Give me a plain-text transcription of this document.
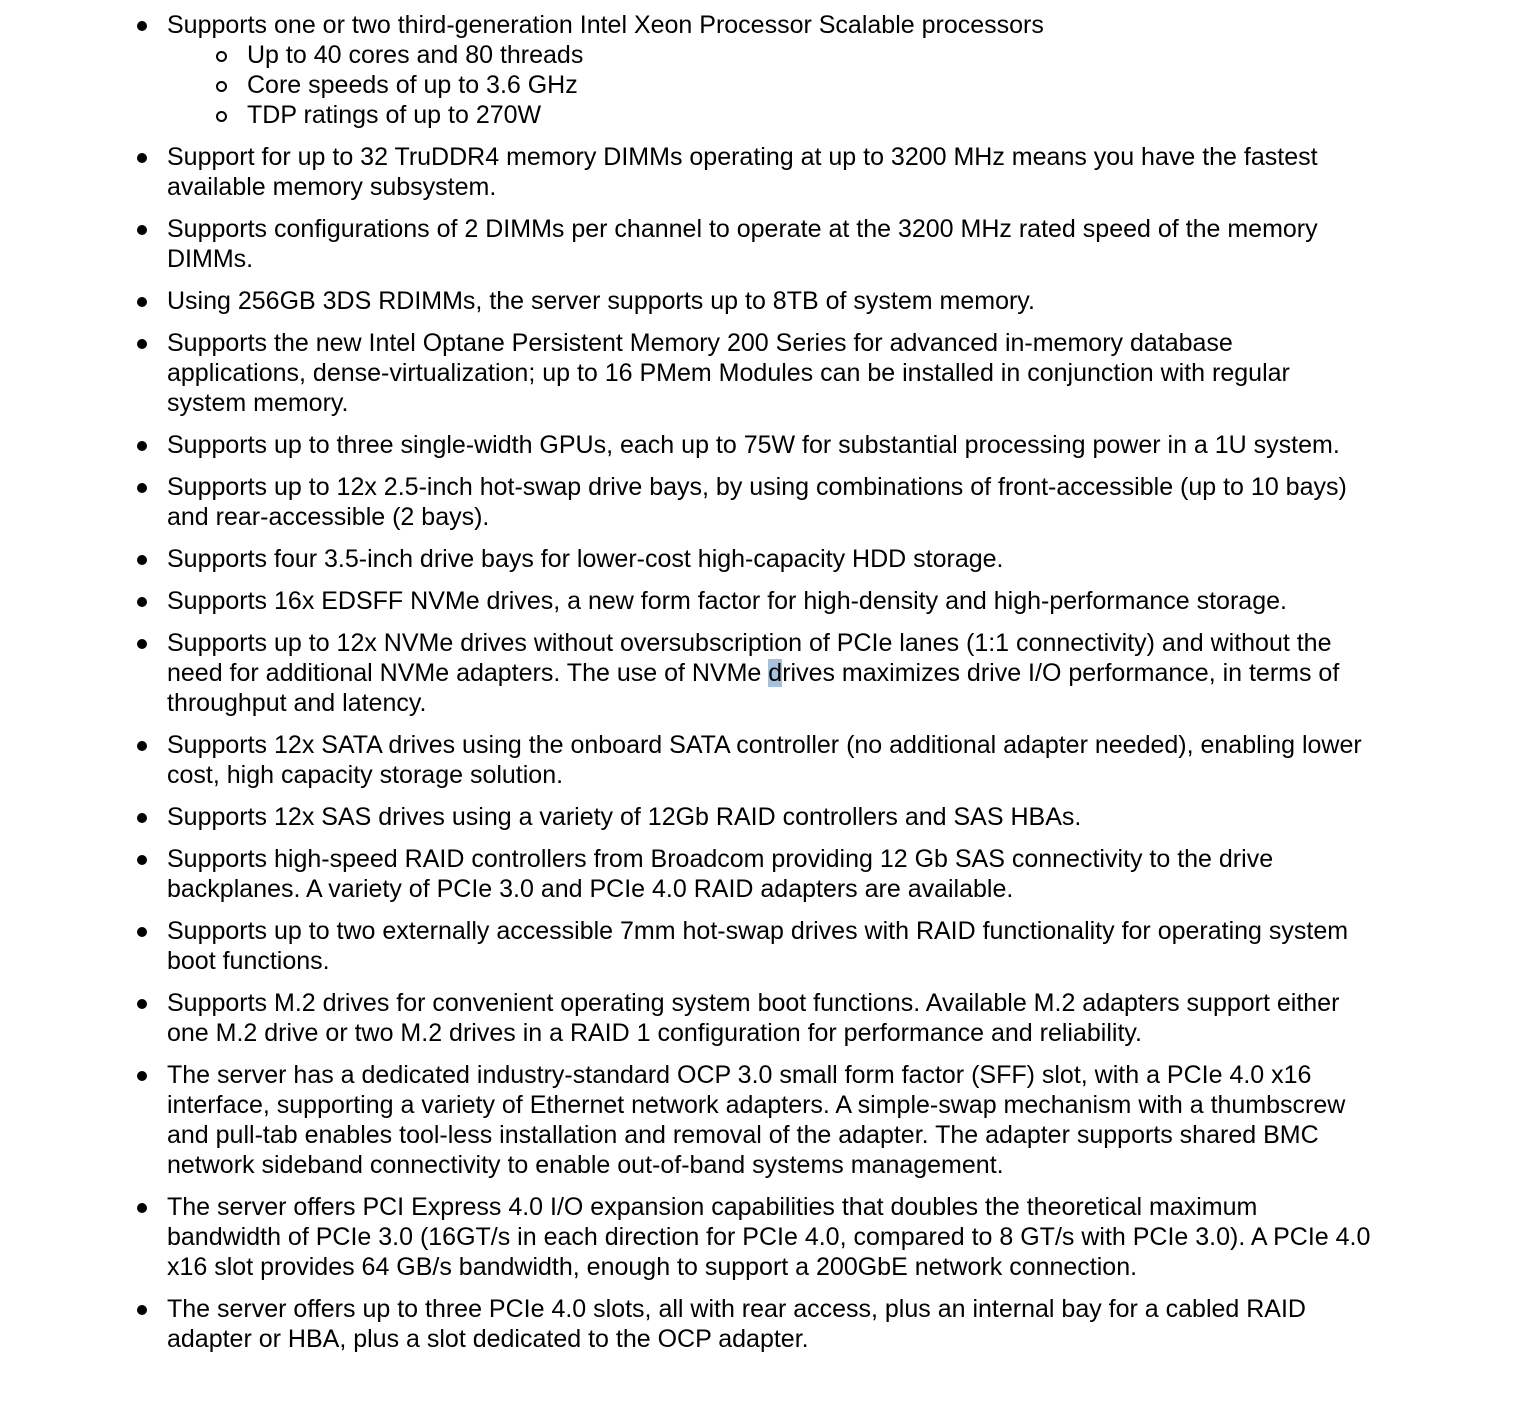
Supports one or two third-generation Intel Xeon Processor Scalable processors
Up to 40 cores and 80 threads
Core speeds of up to 3.6 GHz
TDP ratings of up to 270W
Support for up to 32 TruDDR4 memory DIMMs operating at up to 3200 MHz means you have the fastest available memory subsystem.
Supports configurations of 2 DIMMs per channel to operate at the 3200 MHz rated speed of the memory DIMMs.
Using 256GB 3DS RDIMMs, the server supports up to 8TB of system memory.
Supports the new Intel Optane Persistent Memory 200 Series for advanced in-memory database applications, dense-virtualization; up to 16 PMem Modules can be installed in conjunction with regular system memory.
Supports up to three single-width GPUs, each up to 75W for substantial processing power in a 1U system.
Supports up to 12x 2.5-inch hot-swap drive bays, by using combinations of front-accessible (up to 10 bays) and rear-accessible (2 bays).
Supports four 3.5-inch drive bays for lower-cost high-capacity HDD storage.
Supports 16x EDSFF NVMe drives, a new form factor for high-density and high-performance storage.
Supports up to 12x NVMe drives without oversubscription of PCIe lanes (1:1 connectivity) and without the need for additional NVMe adapters. The use of NVMe drives maximizes drive I/O performance, in terms of throughput and latency.
Supports 12x SATA drives using the onboard SATA controller (no additional adapter needed), enabling lower cost, high capacity storage solution.
Supports 12x SAS drives using a variety of 12Gb RAID controllers and SAS HBAs.
Supports high-speed RAID controllers from Broadcom providing 12 Gb SAS connectivity to the drive backplanes. A variety of PCIe 3.0 and PCIe 4.0 RAID adapters are available.
Supports up to two externally accessible 7mm hot-swap drives with RAID functionality for operating system boot functions.
Supports M.2 drives for convenient operating system boot functions. Available M.2 adapters support either one M.2 drive or two M.2 drives in a RAID 1 configuration for performance and reliability.
The server has a dedicated industry-standard OCP 3.0 small form factor (SFF) slot, with a PCIe 4.0 x16 interface, supporting a variety of Ethernet network adapters. A simple-swap mechanism with a thumbscrew and pull-tab enables tool-less installation and removal of the adapter. The adapter supports shared BMC network sideband connectivity to enable out-of-band systems management.
The server offers PCI Express 4.0 I/O expansion capabilities that doubles the theoretical maximum bandwidth of PCIe 3.0 (16GT/s in each direction for PCIe 4.0, compared to 8 GT/s with PCIe 3.0). A PCIe 4.0 x16 slot provides 64 GB/s bandwidth, enough to support a 200GbE network connection.
The server offers up to three PCIe 4.0 slots, all with rear access, plus an internal bay for a cabled RAID adapter or HBA, plus a slot dedicated to the OCP adapter.
